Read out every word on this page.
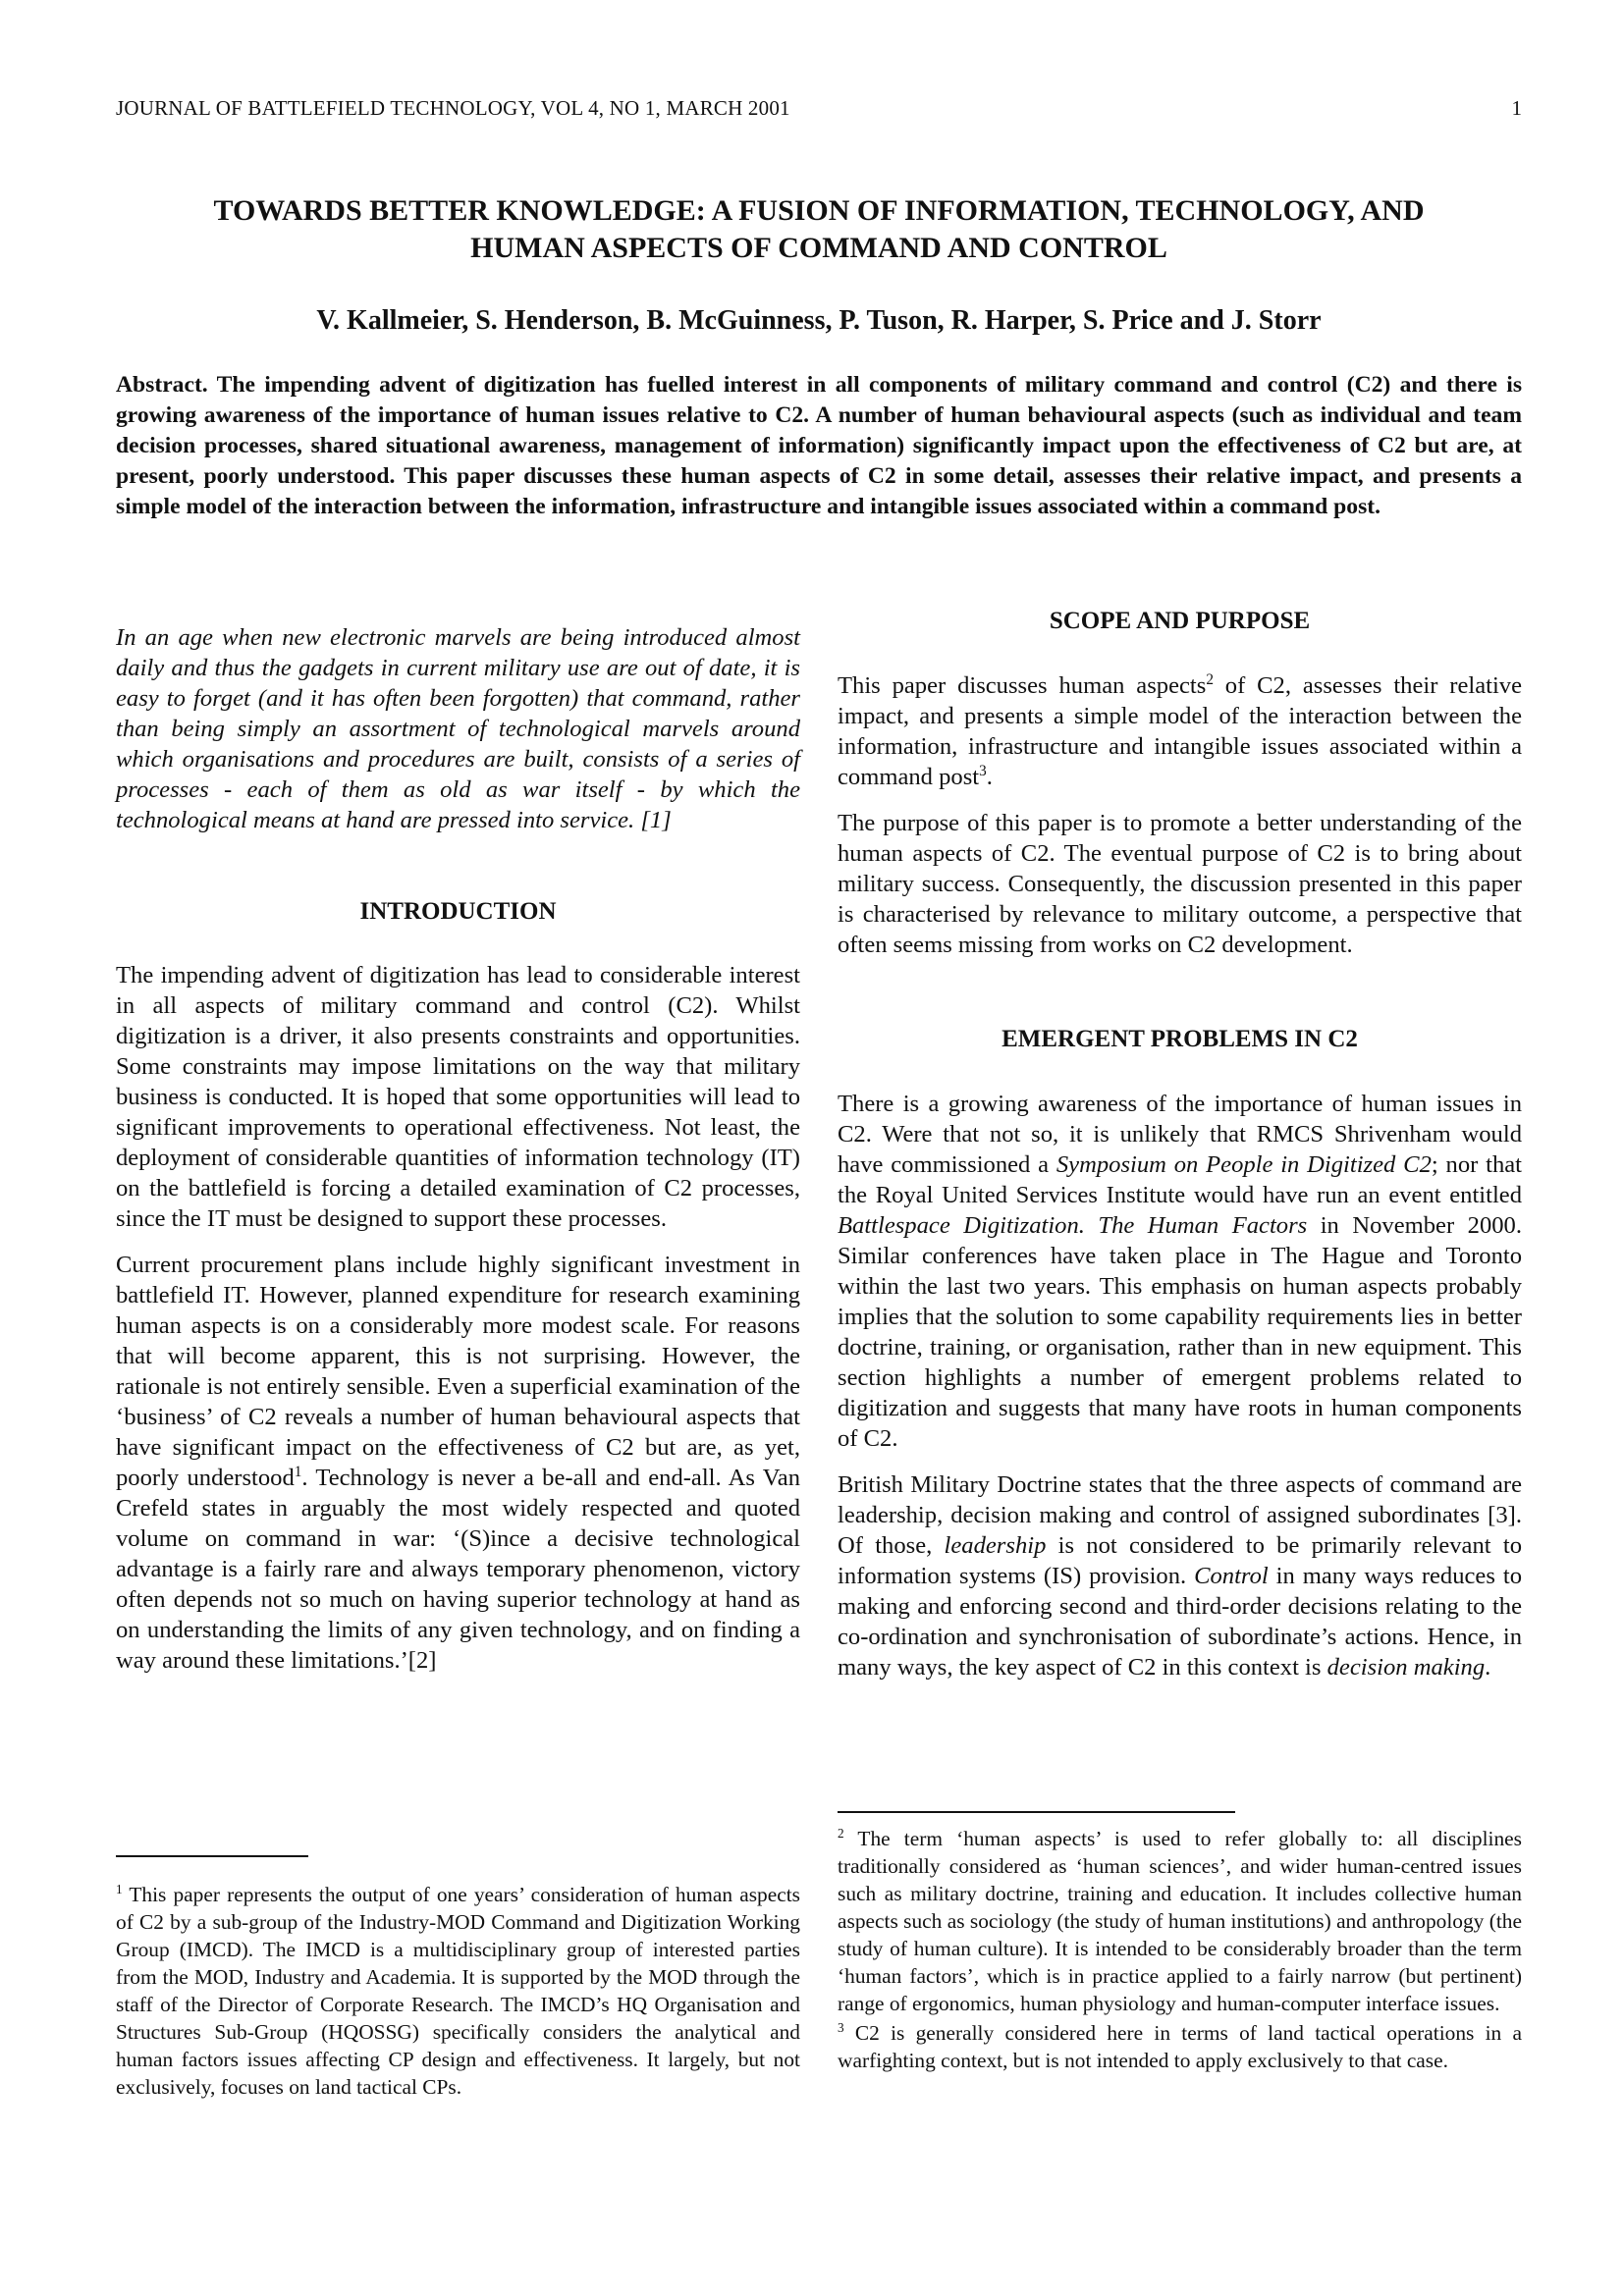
JOURNAL OF BATTLEFIELD TECHNOLOGY, VOL 4, NO 1, MARCH 2001	1
TOWARDS BETTER KNOWLEDGE: A FUSION OF INFORMATION, TECHNOLOGY, AND
HUMAN ASPECTS OF COMMAND AND CONTROL
V. Kallmeier, S. Henderson, B. McGuinness, P. Tuson, R. Harper, S. Price and J. Storr
Abstract. The impending advent of digitization has fuelled interest in all components of military command and control (C2) and there is growing awareness of the importance of human issues relative to C2. A number of human behavioural aspects (such as individual and team decision processes, shared situational awareness, management of information) significantly impact upon the effectiveness of C2 but are, at present, poorly understood. This paper discusses these human aspects of C2 in some detail, assesses their relative impact, and presents a simple model of the interaction between the information, infrastructure and intangible issues associated within a command post.
In an age when new electronic marvels are being introduced almost daily and thus the gadgets in current military use are out of date, it is easy to forget (and it has often been forgotten) that command, rather than being simply an assortment of technological marvels around which organisations and procedures are built, consists of a series of processes - each of them as old as war itself - by which the technological means at hand are pressed into service. [1]
INTRODUCTION

The impending advent of digitization has lead to considerable interest in all aspects of military command and control (C2). Whilst digitization is a driver, it also presents constraints and opportunities. Some constraints may impose limitations on the way that military business is conducted. It is hoped that some opportunities will lead to significant improvements to operational effectiveness. Not least, the deployment of considerable quantities of information technology (IT) on the battlefield is forcing a detailed examination of C2 processes, since the IT must be designed to support these processes.

Current procurement plans include highly significant investment in battlefield IT. However, planned expenditure for research examining human aspects is on a considerably more modest scale. For reasons that will become apparent, this is not surprising. However, the rationale is not entirely sensible. Even a superficial examination of the ‘business’ of C2 reveals a number of human behavioural aspects that have significant impact on the effectiveness of C2 but are, as yet, poorly understood$^1$. Technology is never a be-all and end-all. As Van Crefeld states in arguably the most widely respected and quoted volume on command in war: ‘(S)ince a decisive technological advantage is a fairly rare and always temporary phenomenon, victory often depends not so much on having superior technology at hand as on understanding the limits of any given technology, and on finding a way around these limitations.’[2]

$^1$ This paper represents the output of one years’ consideration of human aspects of C2 by a sub-group of the Industry-MOD Command and Digitization Working Group (IMCD). The IMCD is a multidisciplinary group of interested parties from the MOD, Industry and Academia. It is supported by the MOD through the staff of the Director of Corporate Research. The IMCD’s HQ Organisation and Structures Sub-Group (HQOSSG) specifically considers the analytical and human factors issues affecting CP design and effectiveness. It largely, but not exclusively, focuses on land tactical CPs.

SCOPE AND PURPOSE

This paper discusses human aspects$^2$ of C2, assesses their relative impact, and presents a simple model of the interaction between the information, infrastructure and intangible issues associated within a command post$^3$.

The purpose of this paper is to promote a better understanding of the human aspects of C2. The eventual purpose of C2 is to bring about military success. Consequently, the discussion presented in this paper is characterised by relevance to military outcome, a perspective that often seems missing from works on C2 development.

EMERGENT PROBLEMS IN C2

There is a growing awareness of the importance of human issues in C2. Were that not so, it is unlikely that RMCS Shrivenham would have commissioned a Symposium on People in Digitized C2; nor that the Royal United Services Institute would have run an event entitled Battlespace Digitization. The Human Factors in November 2000. Similar conferences have taken place in The Hague and Toronto within the last two years. This emphasis on human aspects probably implies that the solution to some capability requirements lies in better doctrine, training, or organisation, rather than in new equipment. This section highlights a number of emergent problems related to digitization and suggests that many have roots in human components of C2.

British Military Doctrine states that the three aspects of command are leadership, decision making and control of assigned subordinates [3]. Of those, leadership is not considered to be primarily relevant to information systems (IS) provision. Control in many ways reduces to making and enforcing second and third-order decisions relating to the co-ordination and synchronisation of subordinate’s actions. Hence, in many ways, the key aspect of C2 in this context is decision making.

$^2$ The term ‘human aspects’ is used to refer globally to: all disciplines traditionally considered as ‘human sciences’, and wider human-centred issues such as military doctrine, training and education. It includes collective human aspects such as sociology (the study of human institutions) and anthropology (the study of human culture). It is intended to be considerably broader than the term ‘human factors’, which is in practice applied to a fairly narrow (but pertinent) range of ergonomics, human physiology and human-computer interface issues.

$^3$ C2 is generally considered here in terms of land tactical operations in a warfighting context, but is not intended to apply exclusively to that case.
